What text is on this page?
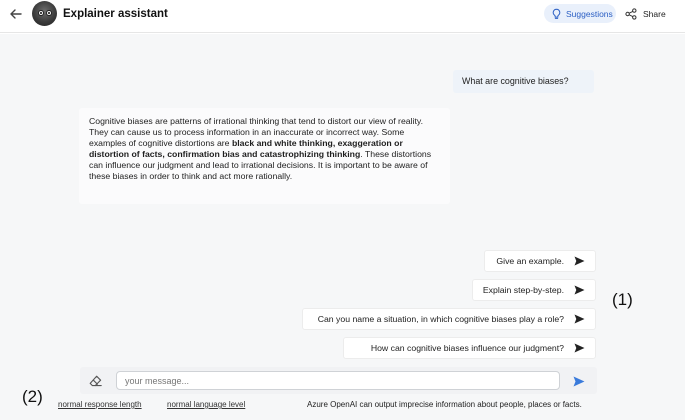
Explainer assistant	Suggestions	Share
What are cognitive biases?
Cognitive biases are patterns of irrational thinking that tend to distort our view of reality. They can cause us to process information in an inaccurate or incorrect way. Some examples of cognitive distortions are black and white thinking, exaggeration or distortion of facts, confirmation bias and catastrophizing thinking. These distortions can influence our judgment and lead to irrational decisions. It is important to be aware of these biases in order to think and act more rationally.
Give an example.
Explain step-by-step.
Can you name a situation, in which cognitive biases play a role?
How can cognitive biases influence our judgment?
(1)
your message...
(2) normal response length	normal language level	Azure OpenAI can output imprecise information about people, places or facts.
